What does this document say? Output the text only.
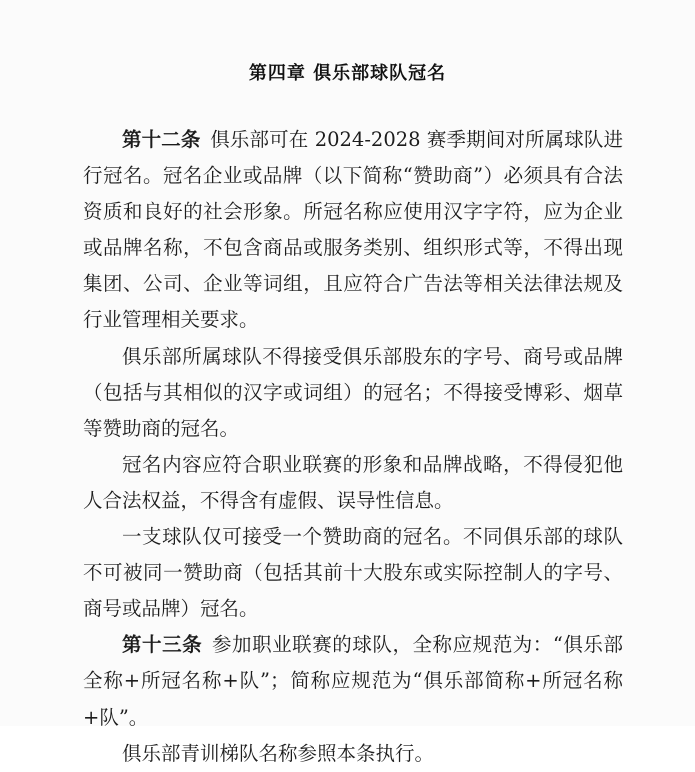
第四章 俱乐部球队冠名

第十二条 俱乐部可在 2024-2028 赛季期间对所属球队进行冠名。冠名企业或品牌（以下简称“赞助商”）必须具有合法资质和良好的社会形象。所冠名称应使用汉字字符，应为企业或品牌名称，不包含商品或服务类别、组织形式等，不得出现集团、公司、企业等词组，且应符合广告法等相关法律法规及行业管理相关要求。

俱乐部所属球队不得接受俱乐部股东的字号、商号或品牌（包括与其相似的汉字或词组）的冠名；不得接受博彩、烟草等赞助商的冠名。

冠名内容应符合职业联赛的形象和品牌战略，不得侵犯他人合法权益，不得含有虚假、误导性信息。

一支球队仅可接受一个赞助商的冠名。不同俱乐部的球队不可被同一赞助商（包括其前十大股东或实际控制人的字号、商号或品牌）冠名。

第十三条 参加职业联赛的球队，全称应规范为：“俱乐部全称+所冠名称+队”；简称应规范为“俱乐部简称+所冠名称+队”。

俱乐部青训梯队名称参照本条执行。
